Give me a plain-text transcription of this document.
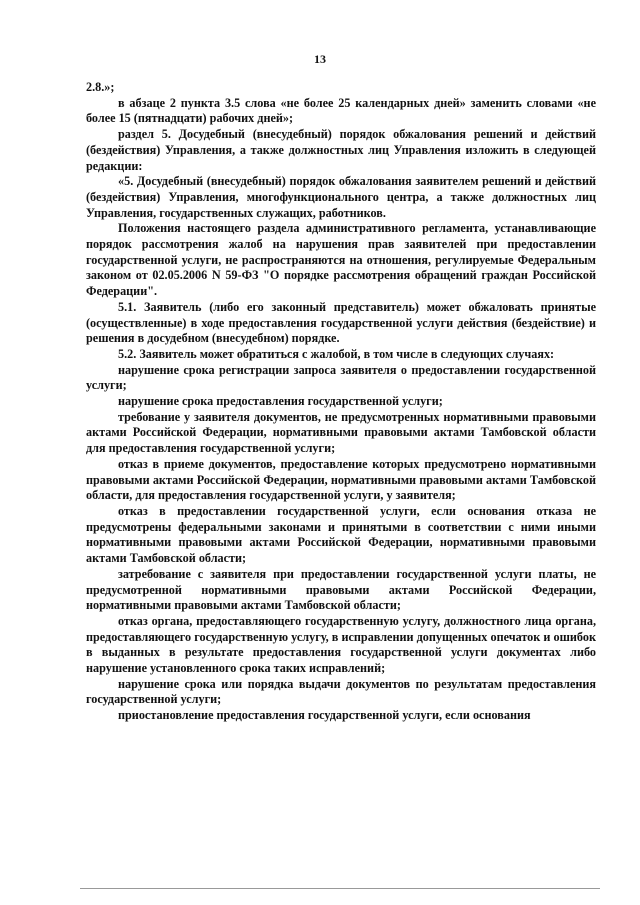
13

2.8.»;

в абзаце 2 пункта 3.5 слова «не более 25 календарных дней» заменить словами «не более 15 (пятнадцати) рабочих дней»;

раздел 5. Досудебный (внесудебный) порядок обжалования решений и действий (бездействия) Управления, а также должностных лиц Управления изложить в следующей редакции:

«5. Досудебный (внесудебный) порядок обжалования заявителем решений и действий (бездействия) Управления, многофункционального центра, а также должностных лиц Управления, государственных служащих, работников.

Положения настоящего раздела административного регламента, устанавливающие порядок рассмотрения жалоб на нарушения прав заявителей при предоставлении государственной услуги, не распространяются на отношения, регулируемые Федеральным законом от 02.05.2006 N 59-ФЗ "О порядке рассмотрения обращений граждан Российской Федерации".

5.1. Заявитель (либо его законный представитель) может обжаловать принятые (осуществленные) в ходе предоставления государственной услуги действия (бездействие) и решения в досудебном (внесудебном) порядке.

5.2. Заявитель может обратиться с жалобой, в том числе в следующих случаях:

нарушение срока регистрации запроса заявителя о предоставлении государственной услуги;

нарушение срока предоставления государственной услуги;

требование у заявителя документов, не предусмотренных нормативными правовыми актами Российской Федерации, нормативными правовыми актами Тамбовской области для предоставления государственной услуги;

отказ в приеме документов, предоставление которых предусмотрено нормативными правовыми актами Российской Федерации, нормативными правовыми актами Тамбовской области, для предоставления государственной услуги, у заявителя;

отказ в предоставлении государственной услуги, если основания отказа не предусмотрены федеральными законами и принятыми в соответствии с ними иными нормативными правовыми актами Российской Федерации, нормативными правовыми актами Тамбовской области;

затребование с заявителя при предоставлении государственной услуги платы, не предусмотренной нормативными правовыми актами Российской Федерации, нормативными правовыми актами Тамбовской области;

отказ органа, предоставляющего государственную услугу, должностного лица органа, предоставляющего государственную услугу, в исправлении допущенных опечаток и ошибок в выданных в результате предоставления государственной услуги документах либо нарушение установленного срока таких исправлений;

нарушение срока или порядка выдачи документов по результатам предоставления государственной услуги;

приостановление предоставления государственной услуги, если основания
